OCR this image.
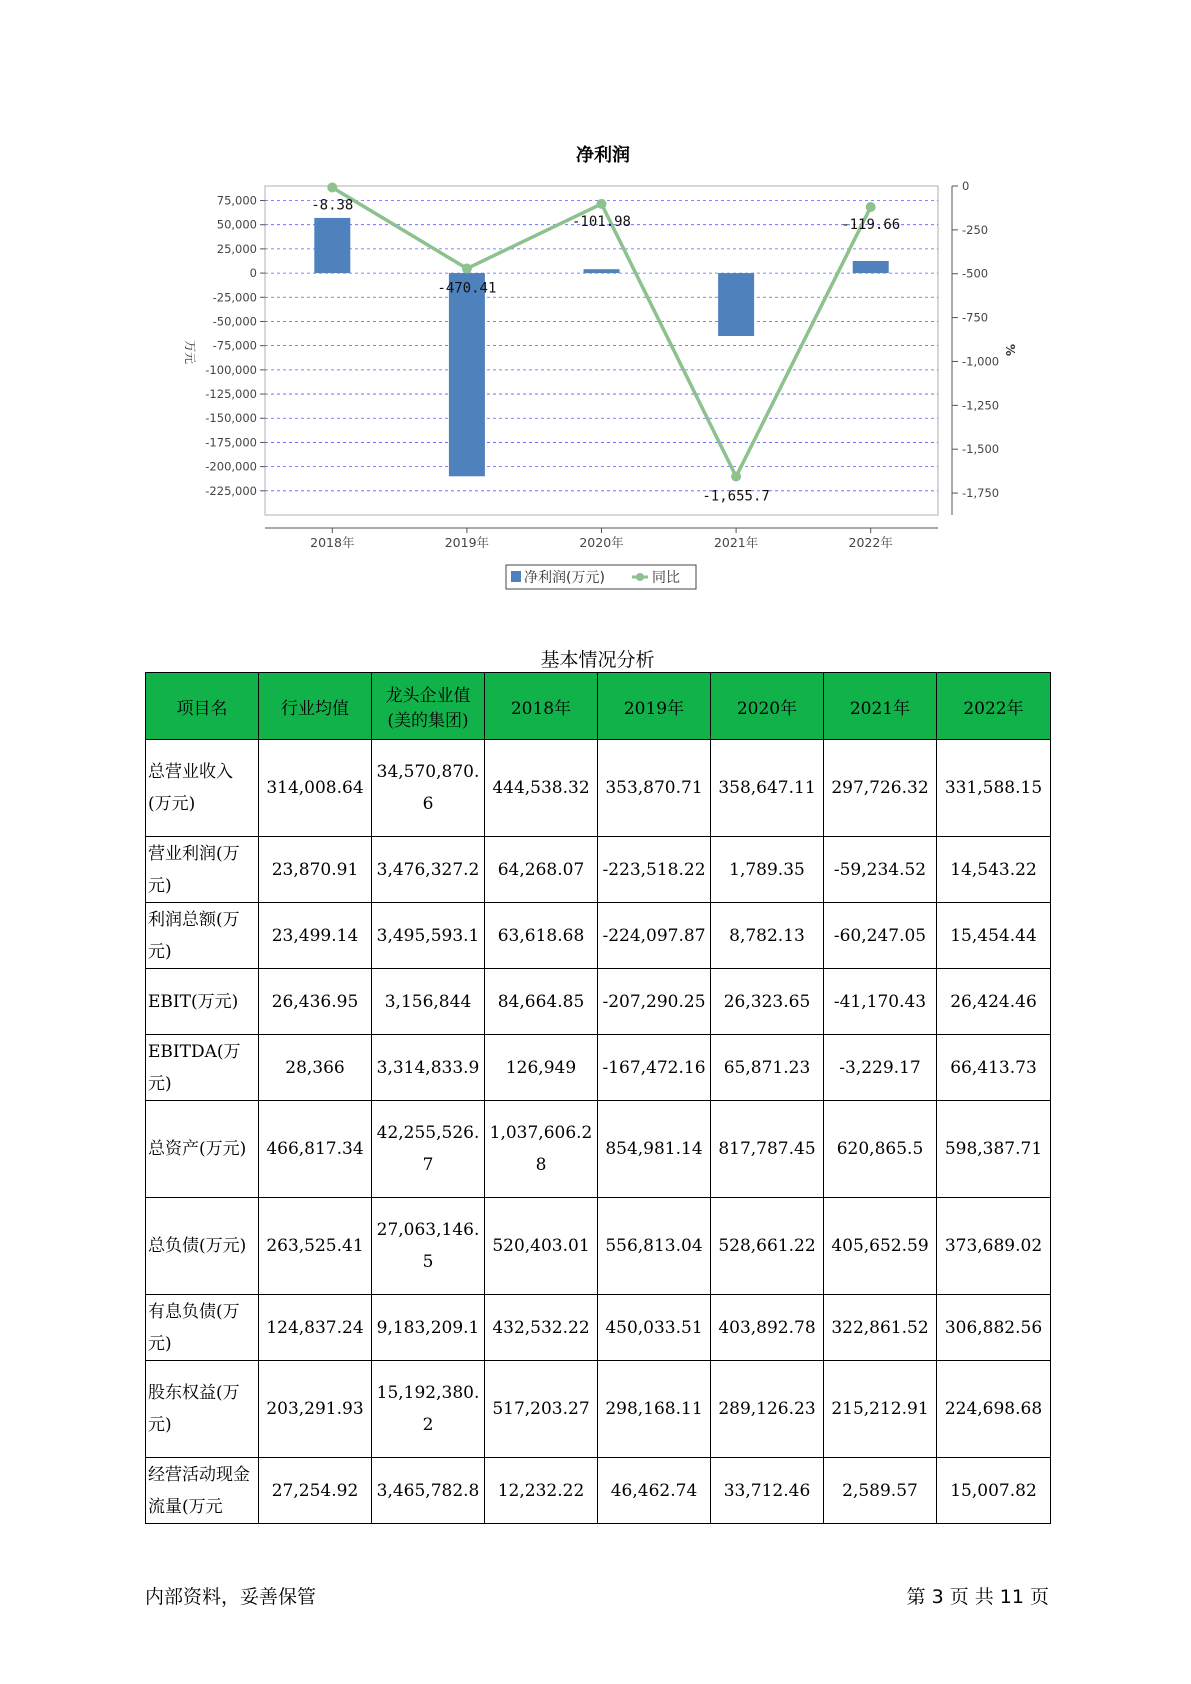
净利润
75,000
50,000
25,000
0
-25,000
-50,000
-75,000
-100,000
-125,000
-150,000
-175,000
-200,000
-225,000
0
-250
-500
-750
-1,000
-1,250
-1,500
-1,750
万元	%
2018年	2019年	2020年	2021年	2022年
-8.38
-470.41
-101.98
-1,655.7
-119.66
净利润(万元)	同比
基本情况分析
项目名	行业均值	龙头企业值(美的集团)	2018年	2019年	2020年	2021年	2022年
总营业收入(万元)	314,008.64	34,570,870.6	444,538.32	353,870.71	358,647.11	297,726.32	331,588.15
营业利润(万元)	23,870.91	3,476,327.2	64,268.07	-223,518.22	1,789.35	-59,234.52	14,543.22
利润总额(万元)	23,499.14	3,495,593.1	63,618.68	-224,097.87	8,782.13	-60,247.05	15,454.44
EBIT(万元)	26,436.95	3,156,844	84,664.85	-207,290.25	26,323.65	-41,170.43	26,424.46
EBITDA(万元)	28,366	3,314,833.9	126,949	-167,472.16	65,871.23	-3,229.17	66,413.73
总资产(万元)	466,817.34	42,255,526.7	1,037,606.28	854,981.14	817,787.45	620,865.5	598,387.71
总负债(万元)	263,525.41	27,063,146.5	520,403.01	556,813.04	528,661.22	405,652.59	373,689.02
有息负债(万元)	124,837.24	9,183,209.1	432,532.22	450,033.51	403,892.78	322,861.52	306,882.56
股东权益(万元)	203,291.93	15,192,380.2	517,203.27	298,168.11	289,126.23	215,212.91	224,698.68
经营活动现金流量(万元	27,254.92	3,465,782.8	12,232.22	46,462.74	33,712.46	2,589.57	15,007.82
内部资料，妥善保管	第 3 页 共 11 页
